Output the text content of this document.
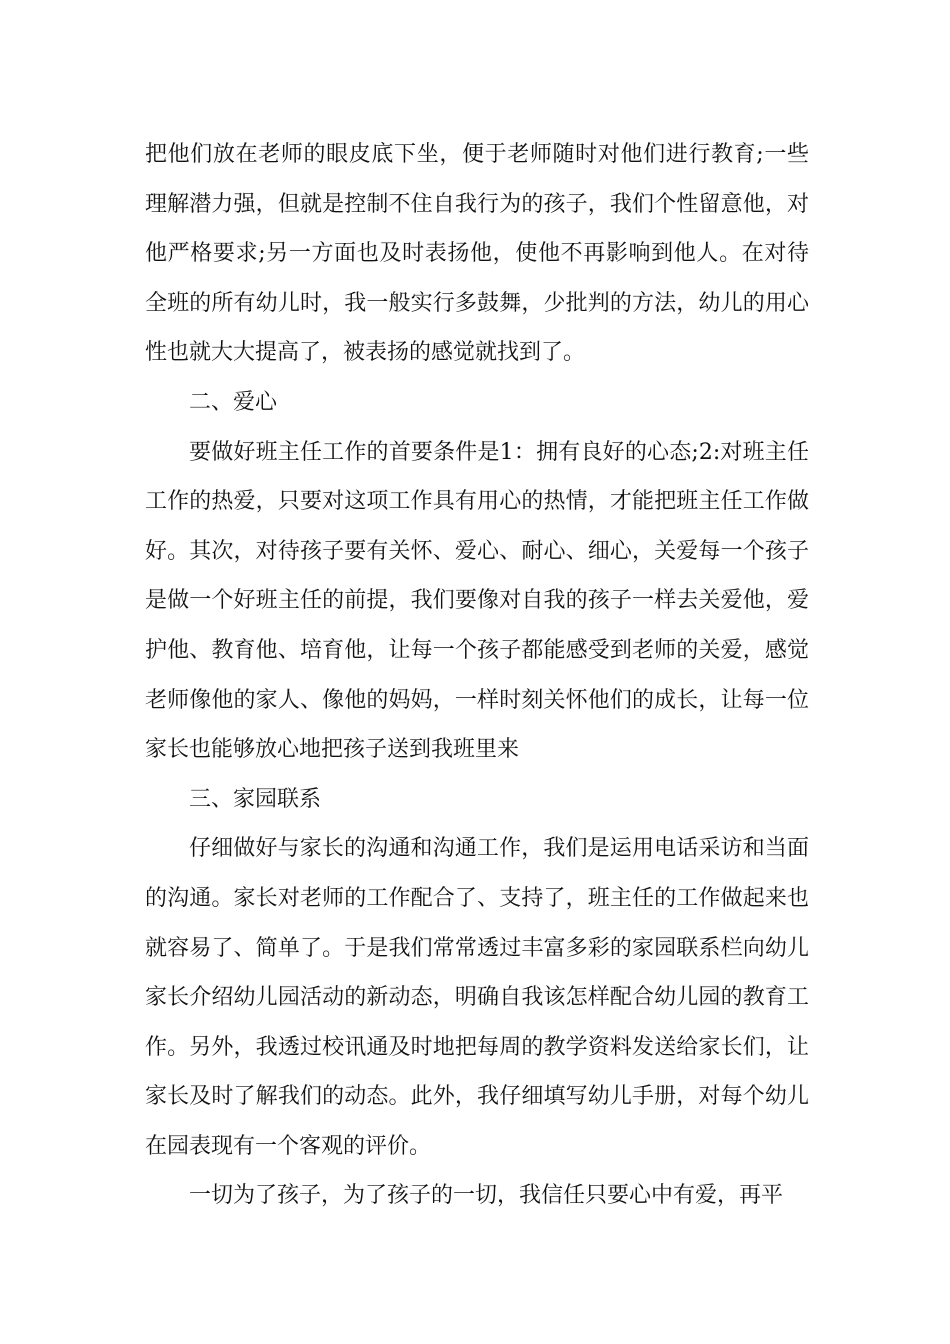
把他们放在老师的眼皮底下坐，便于老师随时对他们进行教育;一些理解潜力强，但就是控制不住自我行为的孩子，我们个性留意他，对他严格要求;另一方面也及时表扬他，使他不再影响到他人。在对待全班的所有幼儿时，我一般实行多鼓舞，少批判的方法，幼儿的用心性也就大大提高了，被表扬的感觉就找到了。

二、爱心

要做好班主任工作的首要条件是1：拥有良好的心态;2:对班主任工作的热爱，只要对这项工作具有用心的热情，才能把班主任工作做好。其次，对待孩子要有关怀、爱心、耐心、细心，关爱每一个孩子是做一个好班主任的前提，我们要像对自我的孩子一样去关爱他，爱护他、教育他、培育他，让每一个孩子都能感受到老师的关爱，感觉老师像他的家人、像他的妈妈，一样时刻关怀他们的成长，让每一位家长也能够放心地把孩子送到我班里来

三、家园联系

仔细做好与家长的沟通和沟通工作，我们是运用电话采访和当面的沟通。家长对老师的工作配合了、支持了，班主任的工作做起来也就容易了、简单了。于是我们常常透过丰富多彩的家园联系栏向幼儿家长介绍幼儿园活动的新动态，明确自我该怎样配合幼儿园的教育工作。另外，我透过校讯通及时地把每周的教学资料发送给家长们，让家长及时了解我们的动态。此外，我仔细填写幼儿手册，对每个幼儿在园表现有一个客观的评价。

一切为了孩子，为了孩子的一切，我信任只要心中有爱，再平
